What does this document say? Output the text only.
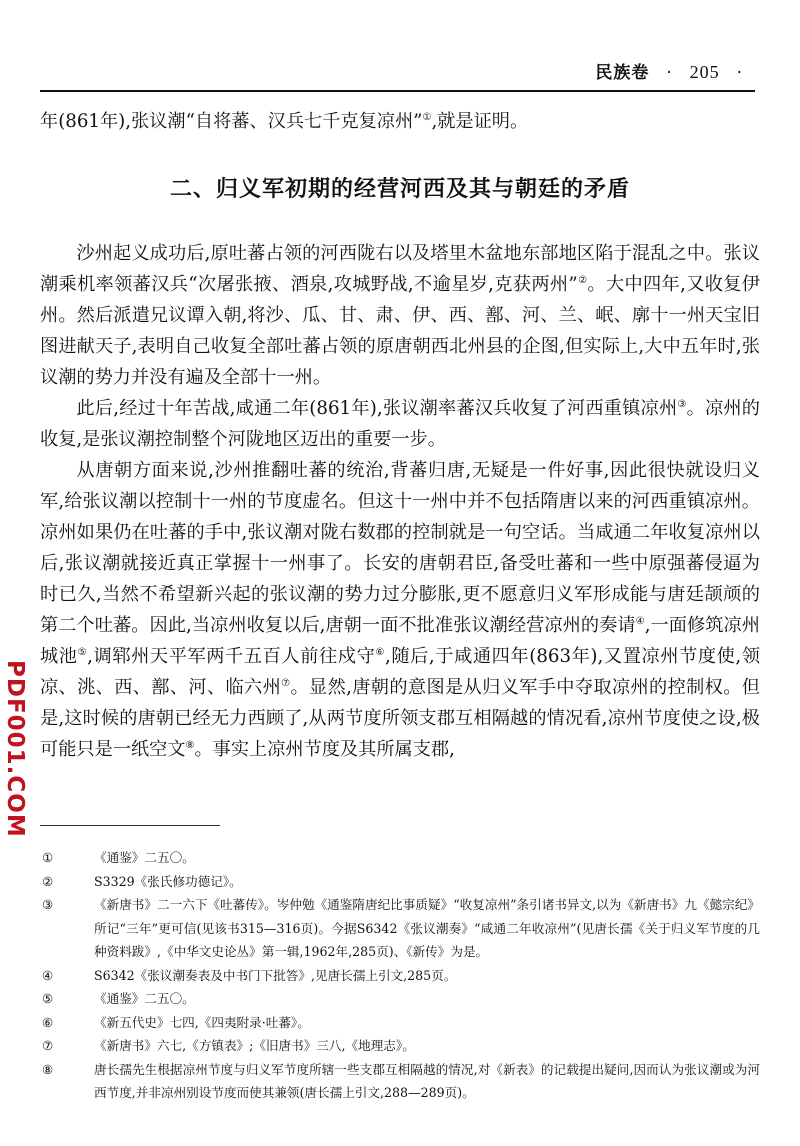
民族卷 · 205 ·

年(861年),张议潮“自将蕃、汉兵七千克复凉州”①,就是证明。

二、归义军初期的经营河西及其与朝廷的矛盾

沙州起义成功后,原吐蕃占领的河西陇右以及塔里木盆地东部地区陷于混乱之中。张议潮乘机率领蕃汉兵“次屠张掖、酒泉,攻城野战,不逾星岁,克获两州”②。大中四年,又收复伊州。然后派遣兄议谭入朝,将沙、瓜、甘、肃、伊、西、鄯、河、兰、岷、廓十一州天宝旧图进献天子,表明自己收复全部吐蕃占领的原唐朝西北州县的企图,但实际上,大中五年时,张议潮的势力并没有遍及全部十一州。

此后,经过十年苦战,咸通二年(861年),张议潮率蕃汉兵收复了河西重镇凉州③。凉州的收复,是张议潮控制整个河陇地区迈出的重要一步。

从唐朝方面来说,沙州推翻吐蕃的统治,背蕃归唐,无疑是一件好事,因此很快就设归义军,给张议潮以控制十一州的节度虚名。但这十一州中并不包括隋唐以来的河西重镇凉州。凉州如果仍在吐蕃的手中,张议潮对陇右数郡的控制就是一句空话。当咸通二年收复凉州以后,张议潮就接近真正掌握十一州事了。长安的唐朝君臣,备受吐蕃和一些中原强蕃侵逼为时已久,当然不希望新兴起的张议潮的势力过分膨胀,更不愿意归义军形成能与唐廷颉颃的第二个吐蕃。因此,当凉州收复以后,唐朝一面不批准张议潮经营凉州的奏请④,一面修筑凉州城池⑤,调郓州天平军两千五百人前往戍守⑥,随后,于咸通四年(863年),又置凉州节度使,领凉、洮、西、鄯、河、临六州⑦。显然,唐朝的意图是从归义军手中夺取凉州的控制权。但是,这时候的唐朝已经无力西顾了,从两节度所领支郡互相隔越的情况看,凉州节度使之设,极可能只是一纸空文⑧。事实上凉州节度及其所属支郡,

PDF001.COM
①	《通鉴》二五〇。
②	S3329《张氏修功德记》。
③	《新唐书》二一六下《吐蕃传》。岑仲勉《通鉴隋唐纪比事质疑》“收复凉州”条引诸书异文,以为《新唐书》九《懿宗纪》所记“三年”更可信(见该书315—316页)。今据S6342《张议潮奏》“咸通二年收凉州”(见唐长孺《关于归义军节度的几种资料跋》,《中华文史论丛》第一辑,1962年,285页)、《新传》为是。
④	S6342《张议潮奏表及中书门下批答》,见唐长孺上引文,285页。
⑤	《通鉴》二五〇。
⑥	《新五代史》七四,《四夷附录·吐蕃》。
⑦	《新唐书》六七,《方镇表》;《旧唐书》三八,《地理志》。
⑧	唐长孺先生根据凉州节度与归义军节度所辖一些支郡互相隔越的情况,对《新表》的记载提出疑问,因而认为张议潮或为河西节度,并非凉州别设节度而使其兼领(唐长孺上引文,288—289页)。
